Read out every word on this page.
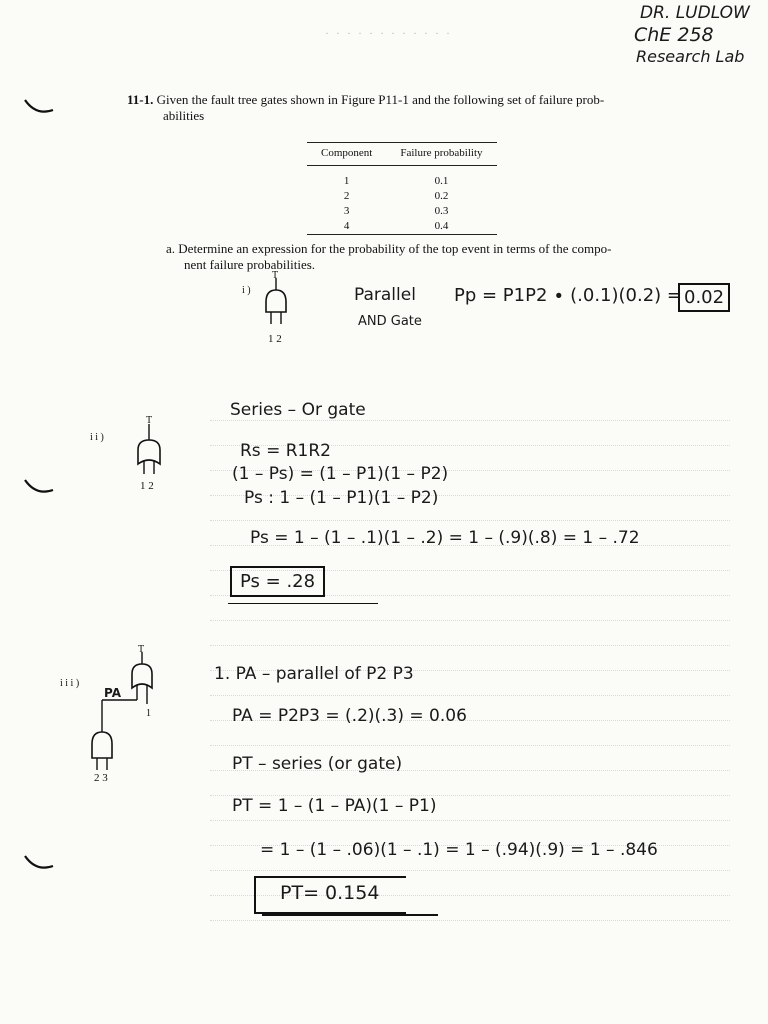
· · · · · · · · · · · ·
DR. LUDLOW
ChE 258
Research Lab
11-1. Given the fault tree gates shown in Figure P11-1 and the following set of failure prob-
abilities
Component	Failure probability
1	0.1
2	0.2
3	0.3
4	0.4
a. Determine an expression for the probability of the top event in terms of the compo-
nent failure probabilities.
i )
T
1 2
Parallel
AND Gate
Pp = P1P2 ∙ (.0.1)(0.2) = 0.02
i i )
T
1 2
Series – Or gate
Rs = R1R2
(1 – Ps) = (1 – P1)(1 – P2)
Ps : 1 – (1 – P1)(1 – P2)
Ps = 1 – (1 – .1)(1 – .2) = 1 – (.9)(.8) = 1 – .72
Ps = .28
i i i )
T
PA
1
2 3
1. PA – parallel of P2 P3
PA = P2P3 = (.2)(.3) = 0.06
PT – series (or gate)
PT = 1 – (1 – PA)(1 – P1)
= 1 – (1 – .06)(1 – .1) = 1 – (.94)(.9) = 1 – .846
PT= 0.154
